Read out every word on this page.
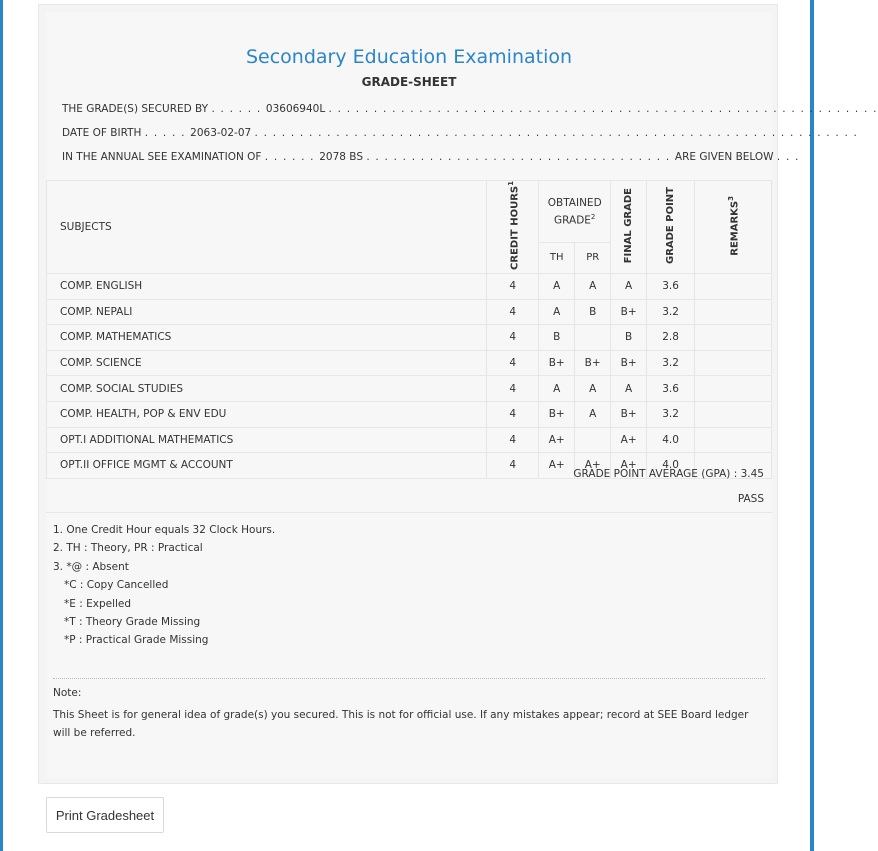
Secondary Education Examination
GRADE-SHEET
THE GRADE(S) SECURED BY . . . . . . 03606940L . . . . . . . . . . . . . . . . . . . . . . . . . . . . . . . . . . . . . . . . . . . . . . . . . . . . . . . . . . . . .
DATE OF BIRTH . . . . . 2063-02-07 . . . . . . . . . . . . . . . . . . . . . . . . . . . . . . . . . . . . . . . . . . . . . . . . . . . . . . . . . . . . . . . . . . .
IN THE ANNUAL SEE EXAMINATION OF . . . . . . 2078 BS . . . . . . . . . . . . . . . . . . . . . . . . . . . . . . . . . . ARE GIVEN BELOW . . .
SUBJECTS	CREDIT HOURS$^1$	OBTAINED GRADE$^2$		FINAL GRADE	GRADE POINT	REMARKS$^3$
		TH	PR			
COMP. ENGLISH	4	A	A	A	3.6	
COMP. NEPALI	4	A	B	B+	3.2	
COMP. MATHEMATICS	4	B		B	2.8	
COMP. SCIENCE	4	B+	B+	B+	3.2	
COMP. SOCIAL STUDIES	4	A	A	A	3.6	
COMP. HEALTH, POP & ENV EDU	4	B+	A	B+	3.2	
OPT.I ADDITIONAL MATHEMATICS	4	A+		A+	4.0	
OPT.II OFFICE MGMT & ACCOUNT	4	A+	A+	A+	4.0	
GRADE POINT AVERAGE (GPA) : 3.45
PASS
1. One Credit Hour equals 32 Clock Hours.
2. TH : Theory, PR : Practical
3. *@ : Absent
*C : Copy Cancelled
*E : Expelled
*T : Theory Grade Missing
*P : Practical Grade Missing
Note:
This Sheet is for general idea of grade(s) you secured. This is not for official use. If any mistakes appear; record at SEE Board ledger will be referred.
Print Gradesheet
